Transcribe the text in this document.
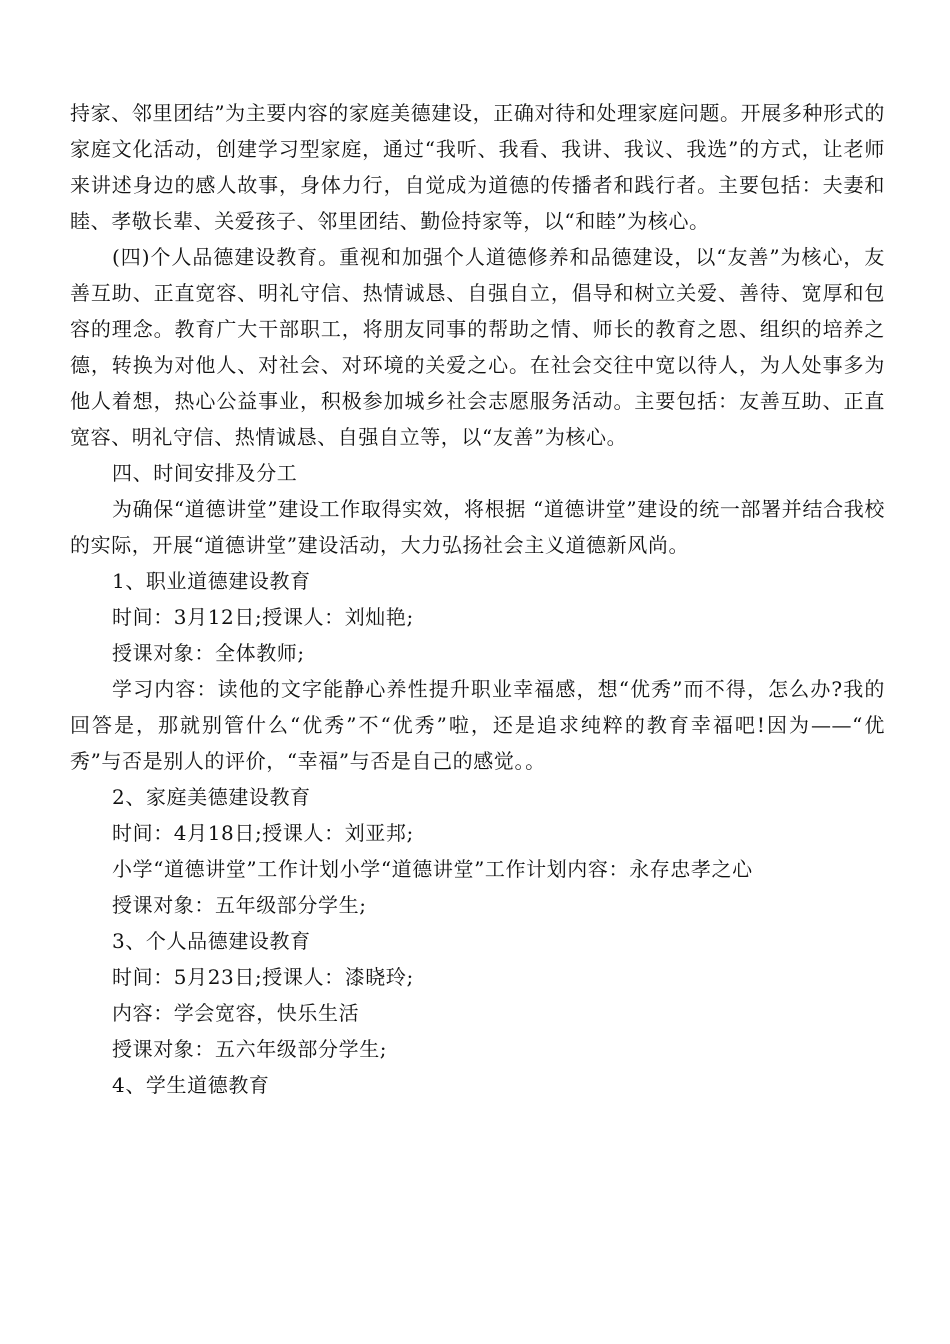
持家、邻里团结”为主要内容的家庭美德建设，正确对待和处理家庭问题。开展多种形式的家庭文化活动，创建学习型家庭，通过“我听、我看、我讲、我议、我选”的方式，让老师来讲述身边的感人故事，身体力行，自觉成为道德的传播者和践行者。主要包括：夫妻和睦、孝敬长辈、关爱孩子、邻里团结、勤俭持家等，以“和睦”为核心。

(四)个人品德建设教育。重视和加强个人道德修养和品德建设，以“友善”为核心，友善互助、正直宽容、明礼守信、热情诚恳、自强自立，倡导和树立关爱、善待、宽厚和包容的理念。教育广大干部职工，将朋友同事的帮助之情、师长的教育之恩、组织的培养之德，转换为对他人、对社会、对环境的关爱之心。在社会交往中宽以待人，为人处事多为他人着想，热心公益事业，积极参加城乡社会志愿服务活动。主要包括：友善互助、正直宽容、明礼守信、热情诚恳、自强自立等，以“友善”为核心。

四、时间安排及分工

为确保“道德讲堂”建设工作取得实效，将根据 “道德讲堂”建设的统一部署并结合我校的实际，开展“道德讲堂”建设活动，大力弘扬社会主义道德新风尚。

1、职业道德建设教育

时间：3月12日;授课人：刘灿艳;

授课对象：全体教师;

学习内容：读他的文字能静心养性提升职业幸福感，想“优秀”而不得，怎么办?我的回答是，那就别管什么“优秀”不“优秀”啦，还是追求纯粹的教育幸福吧!因为——“优秀”与否是别人的评价，“幸福”与否是自己的感觉。。

2、家庭美德建设教育

时间：4月18日;授课人：刘亚邦;

小学“道德讲堂”工作计划小学“道德讲堂”工作计划内容：永存忠孝之心

授课对象：五年级部分学生;

3、个人品德建设教育

时间：5月23日;授课人：漆晓玲;

内容：学会宽容，快乐生活

授课对象：五六年级部分学生;

4、学生道德教育
